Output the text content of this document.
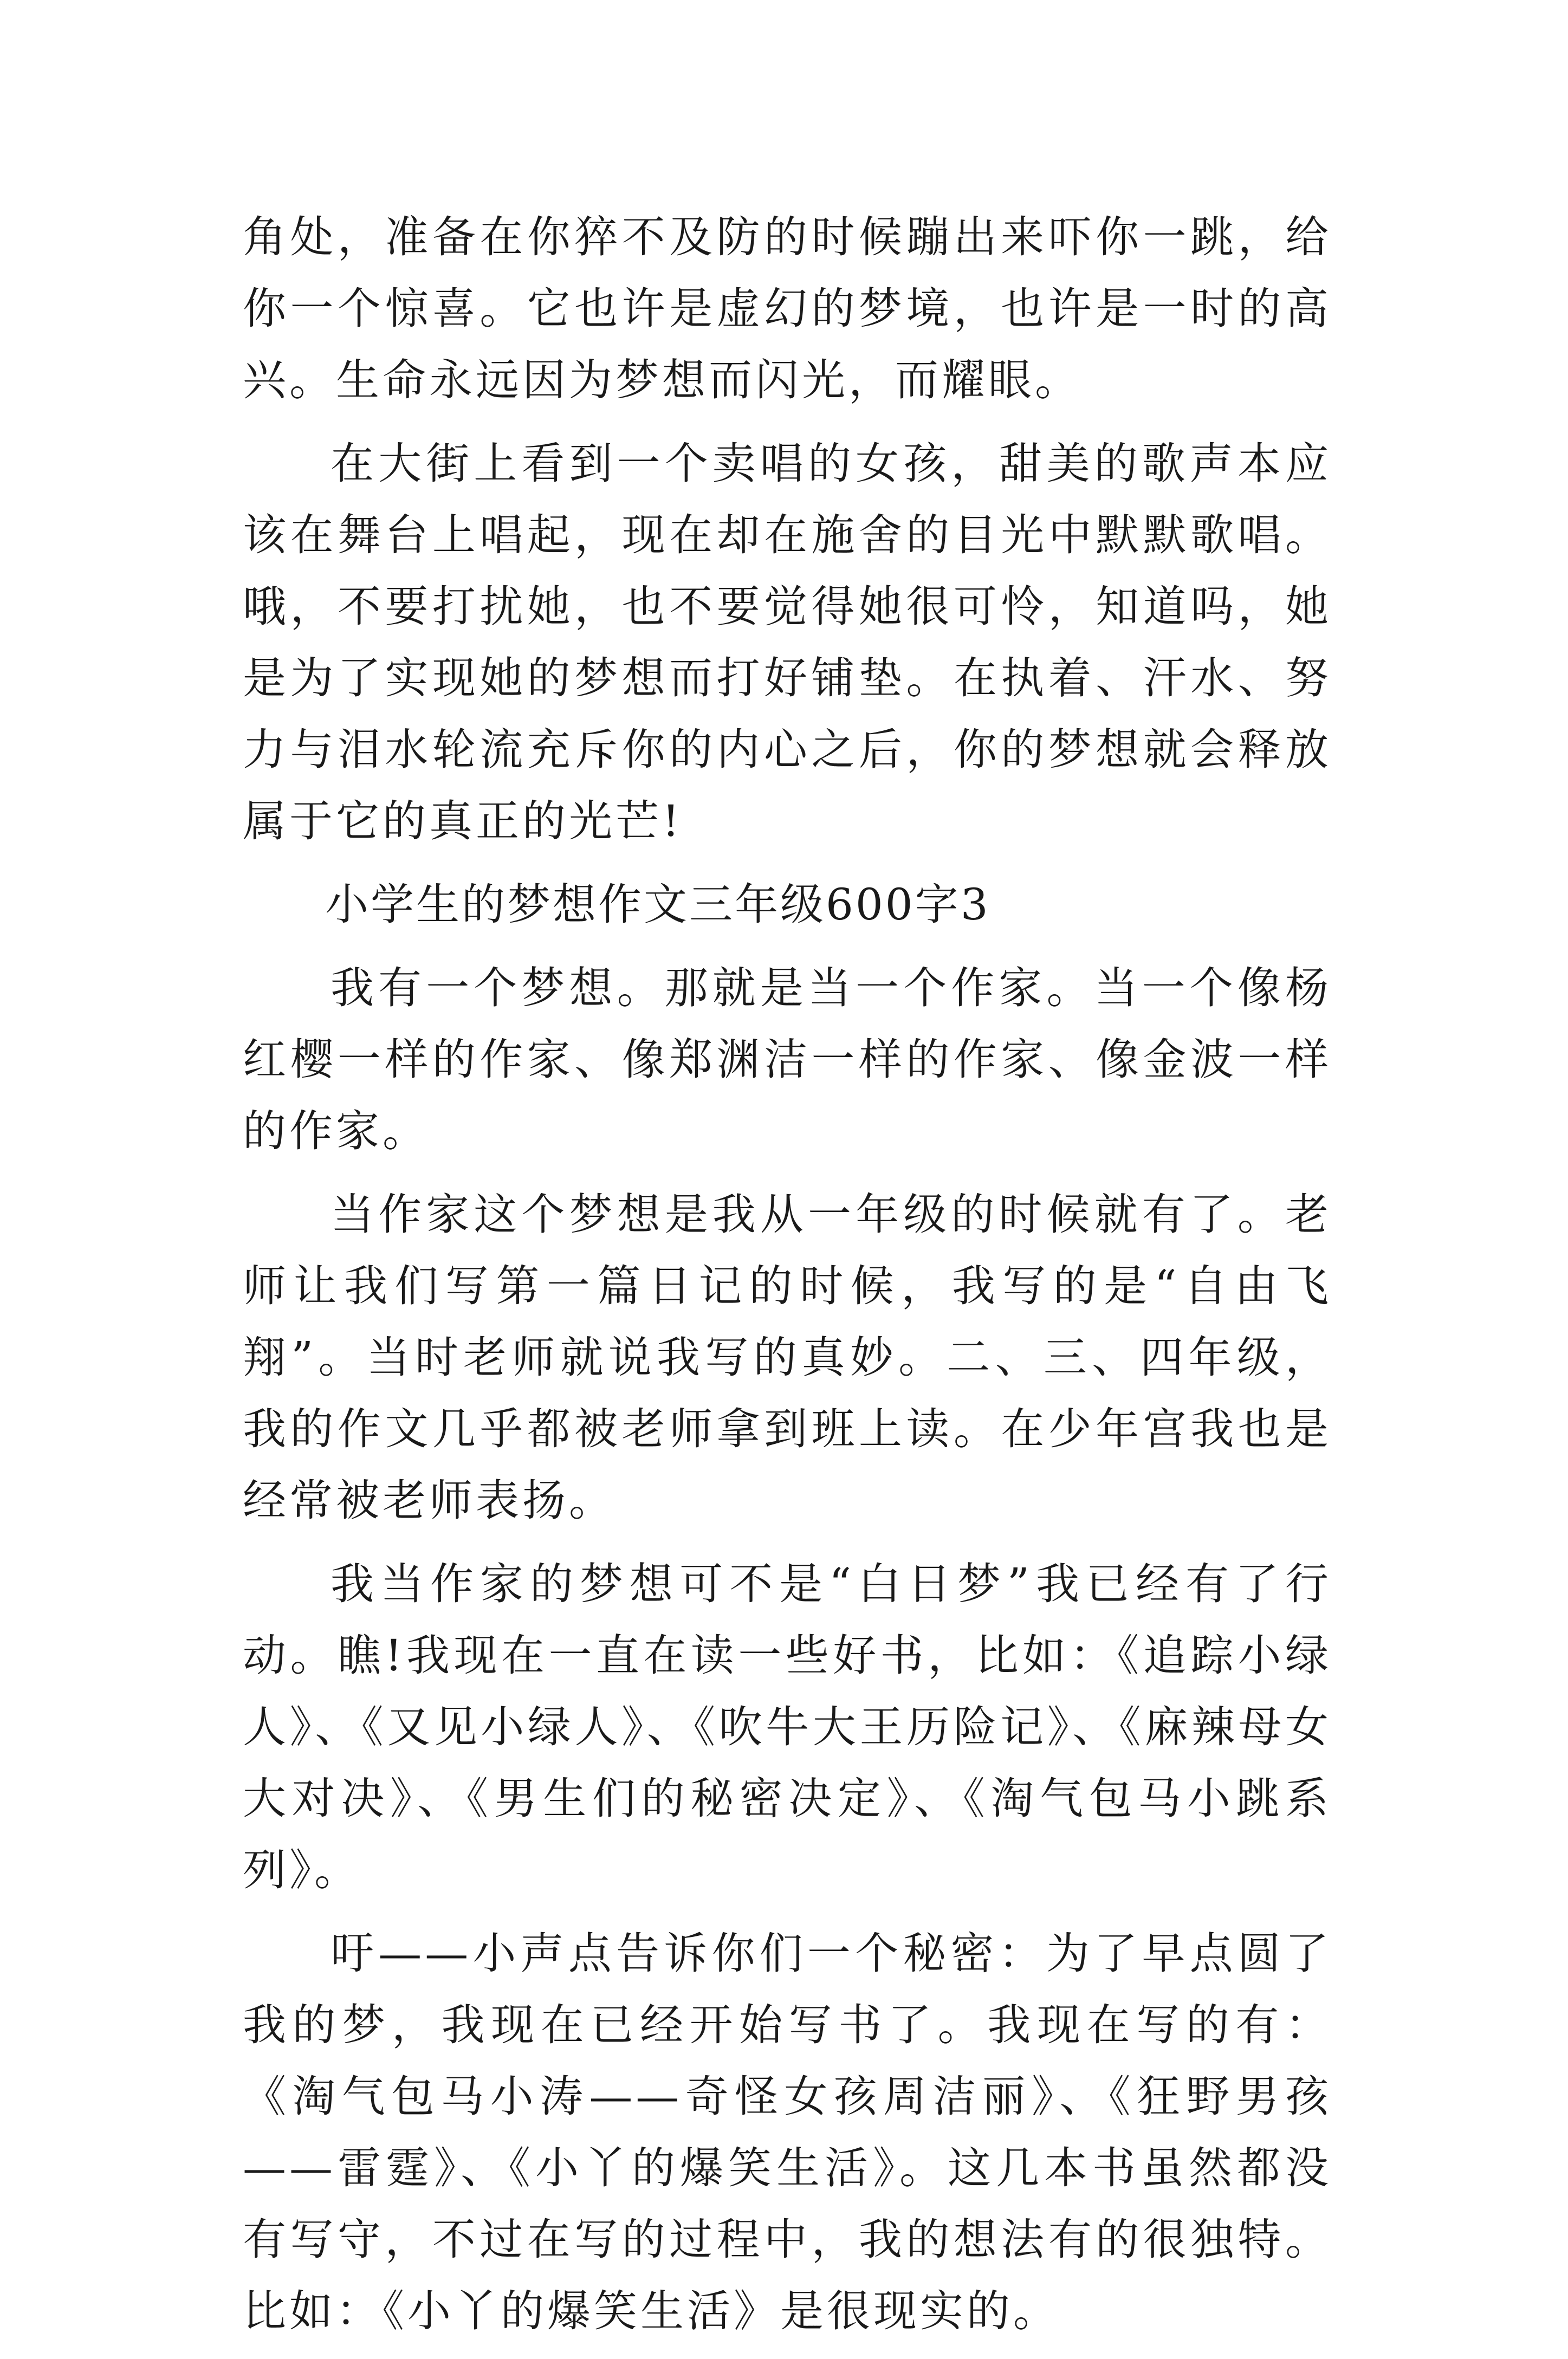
角处，准备在你猝不及防的时候蹦出来吓你一跳，给你一个惊喜。它也许是虚幻的梦境，也许是一时的高兴。生命永远因为梦想而闪光，而耀眼。

在大街上看到一个卖唱的女孩，甜美的歌声本应该在舞台上唱起，现在却在施舍的目光中默默歌唱。哦，不要打扰她，也不要觉得她很可怜，知道吗，她是为了实现她的梦想而打好铺垫。在执着、汗水、努力与泪水轮流充斥你的内心之后，你的梦想就会释放属于它的真正的光芒!

小学生的梦想作文三年级600字3

我有一个梦想。那就是当一个作家。当一个像杨红樱一样的作家、像郑渊洁一样的作家、像金波一样的作家。

当作家这个梦想是我从一年级的时候就有了。老师让我们写第一篇日记的时候，我写的是“自由飞翔”。当时老师就说我写的真妙。二、三、四年级，我的作文几乎都被老师拿到班上读。在少年宫我也是经常被老师表扬。

我当作家的梦想可不是“白日梦”我已经有了行动。瞧!我现在一直在读一些好书，比如：《追踪小绿人》、《又见小绿人》、《吹牛大王历险记》、《麻辣母女大对决》、《男生们的秘密决定》、《淘气包马小跳系列》。

吁——小声点告诉你们一个秘密：为了早点圆了我的梦，我现在已经开始写书了。我现在写的有：《淘气包马小涛——奇怪女孩周洁丽》、《狂野男孩——雷霆》、《小丫的爆笑生活》。这几本书虽然都没有写守，不过在写的过程中，我的想法有的很独特。比如：《小丫的爆笑生活》是很现实的。
